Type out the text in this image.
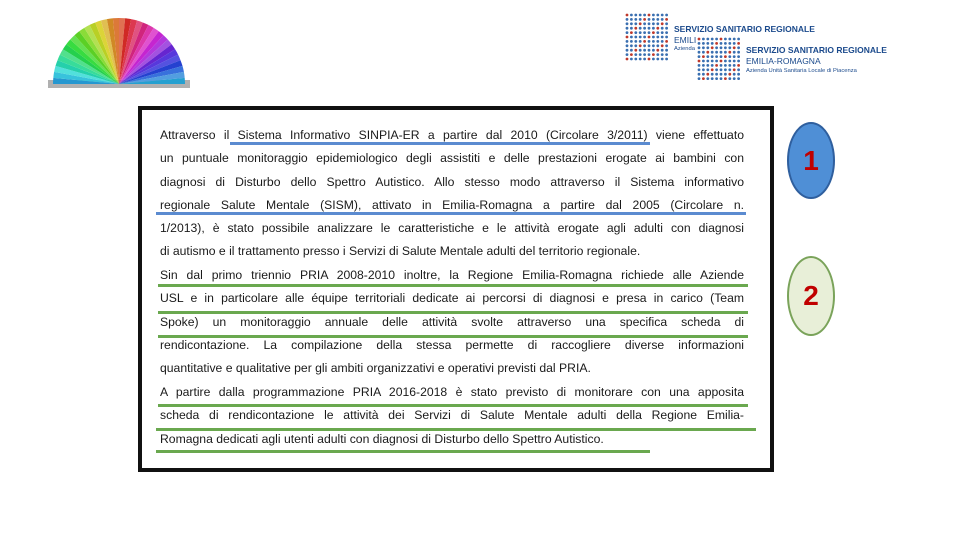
SERVIZIO SANITARIO REGIONALE
EMILI
Azienda	SERVIZIO SANITARIO REGIONALE
EMILIA-ROMAGNA
Azienda Unità Sanitaria Locale di Piacenza
Attraverso il Sistema Informativo SINPIA-ER a partire dal 2010 (Circolare 3/2011) viene effettuato
un puntuale monitoraggio epidemiologico degli assistiti e delle prestazioni erogate ai bambini con
diagnosi di Disturbo dello Spettro Autistico. Allo stesso modo attraverso il Sistema informativo
regionale Salute Mentale (SISM), attivato in Emilia-Romagna a partire dal 2005 (Circolare n.
1/2013), è stato possibile analizzare le caratteristiche e le attività erogate agli adulti con diagnosi
di autismo e il trattamento presso i Servizi di Salute Mentale adulti del territorio regionale.
Sin dal primo triennio PRIA 2008-2010 inoltre, la Regione Emilia-Romagna richiede alle Aziende
USL e in particolare alle équipe territoriali dedicate ai percorsi di diagnosi e presa in carico (Team
Spoke) un monitoraggio annuale delle attività svolte attraverso una specifica scheda di
rendicontazione. La compilazione della stessa permette di raccogliere diverse informazioni
quantitative e qualitative per gli ambiti organizzativi e operativi previsti dal PRIA.
A partire dalla programmazione PRIA 2016-2018 è stato previsto di monitorare con una apposita
scheda di rendicontazione le attività dei Servizi di Salute Mentale adulti della Regione Emilia-
Romagna dedicati agli utenti adulti con diagnosi di Disturbo dello Spettro Autistico.
1
2
